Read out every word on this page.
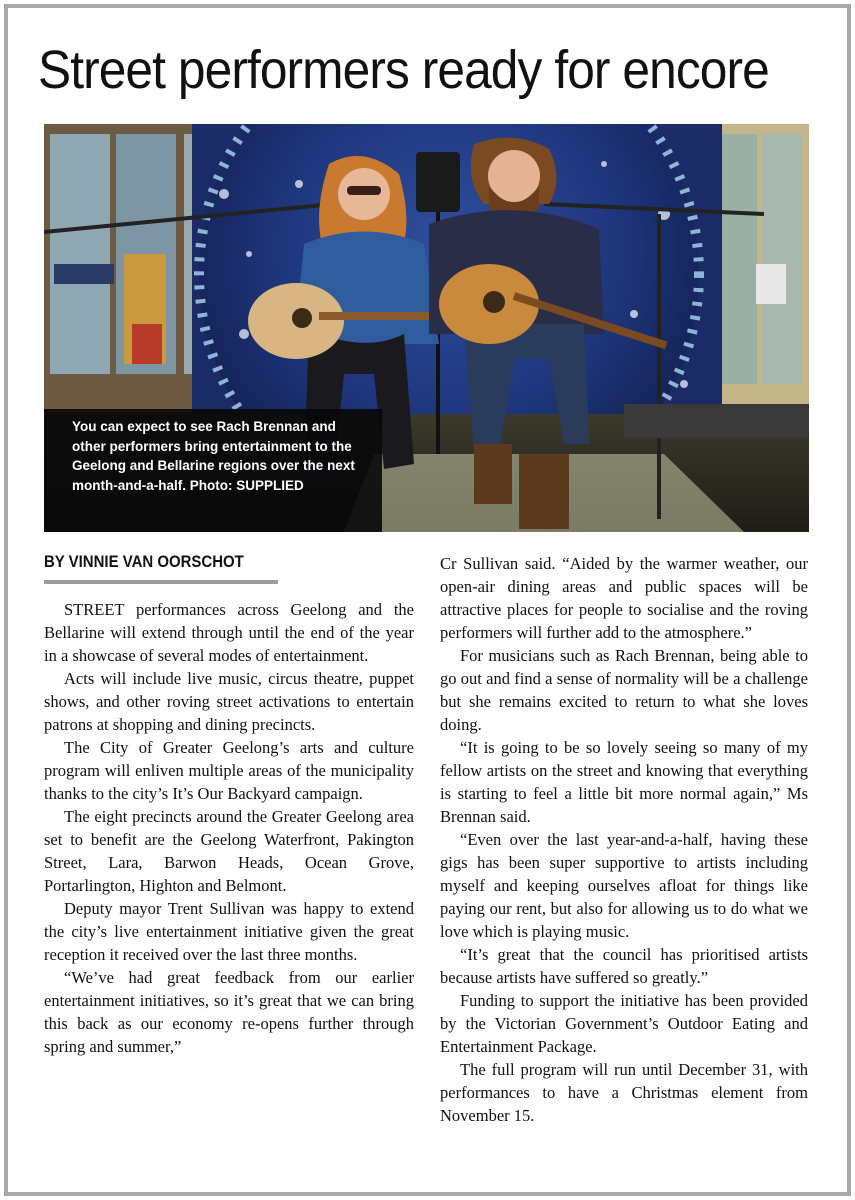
Street performers ready for encore
You can expect to see Rach Brennan and other performers bring entertainment to the Geelong and Bellarine regions over the next month-and-a-half. Photo: SUPPLIED
BY VINNIE VAN OORSCHOT

STREET performances across Geelong and the Bellarine will extend through until the end of the year in a showcase of several modes of entertainment.

Acts will include live music, circus theatre, puppet shows, and other roving street activations to entertain patrons at shopping and dining precincts.

The City of Greater Geelong’s arts and culture program will enliven multiple areas of the municipality thanks to the city’s It’s Our Backyard campaign.

The eight precincts around the Greater Geelong area set to benefit are the Geelong Waterfront, Pakington Street, Lara, Barwon Heads, Ocean Grove, Portarlington, Highton and Belmont.

Deputy mayor Trent Sullivan was happy to extend the city’s live entertainment initiative given the great reception it received over the last three months.

“We’ve had great feedback from our earlier entertainment initiatives, so it’s great that we can bring this back as our economy re-opens further through spring and summer,”

Cr Sullivan said. “Aided by the warmer weather, our open-air dining areas and public spaces will be attractive places for people to socialise and the roving performers will further add to the atmosphere.”

For musicians such as Rach Brennan, being able to go out and find a sense of normality will be a challenge but she remains excited to return to what she loves doing.

“It is going to be so lovely seeing so many of my fellow artists on the street and knowing that everything is starting to feel a little bit more normal again,” Ms Brennan said.

“Even over the last year-and-a-half, having these gigs has been super supportive to artists including myself and keeping ourselves afloat for things like paying our rent, but also for allowing us to do what we love which is playing music.

“It’s great that the council has prioritised artists because artists have suffered so greatly.”

Funding to support the initiative has been provided by the Victorian Government’s Outdoor Eating and Entertainment Package.

The full program will run until December 31, with performances to have a Christmas element from November 15.
